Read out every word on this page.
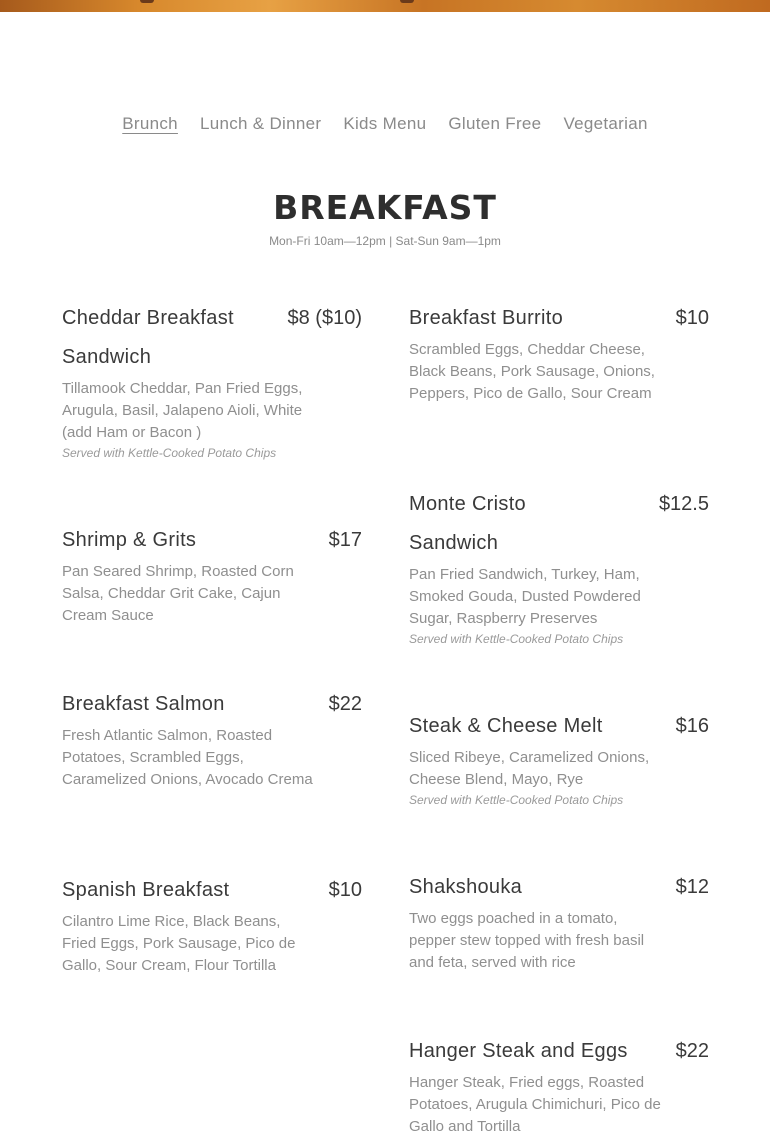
Brunch Lunch & Dinner Kids Menu Gluten Free Vegetarian
BREAKFAST
Mon-Fri 10am—12pm | Sat-Sun 9am—1pm
Cheddar Breakfast Sandwich
$8 ($10)
Tillamook Cheddar, Pan Fried Eggs, Arugula, Basil, Jalapeno Aioli, White (add Ham or Bacon )
Served with Kettle-Cooked Potato Chips
Shrimp & Grits	$17
Pan Seared Shrimp, Roasted Corn Salsa, Cheddar Grit Cake, Cajun Cream Sauce
Breakfast Salmon	$22
Fresh Atlantic Salmon, Roasted Potatoes, Scrambled Eggs, Caramelized Onions, Avocado Crema
Spanish Breakfast	$10
Cilantro Lime Rice, Black Beans, Fried Eggs, Pork Sausage, Pico de Gallo, Sour Cream, Flour Tortilla
Breakfast Burrito	$10
Scrambled Eggs, Cheddar Cheese, Black Beans, Pork Sausage, Onions, Peppers, Pico de Gallo, Sour Cream
Monte Cristo Sandwich
$12.5
Pan Fried Sandwich, Turkey, Ham, Smoked Gouda, Dusted Powdered Sugar, Raspberry Preserves
Served with Kettle-Cooked Potato Chips
Steak & Cheese Melt	$16
Sliced Ribeye, Caramelized Onions, Cheese Blend, Mayo, Rye
Served with Kettle-Cooked Potato Chips
Shakshouka	$12
Two eggs poached in a tomato, pepper stew topped with fresh basil and feta, served with rice
Hanger Steak and Eggs $22
Hanger Steak, Fried eggs, Roasted Potatoes, Arugula Chimichuri, Pico de Gallo and Tortilla
